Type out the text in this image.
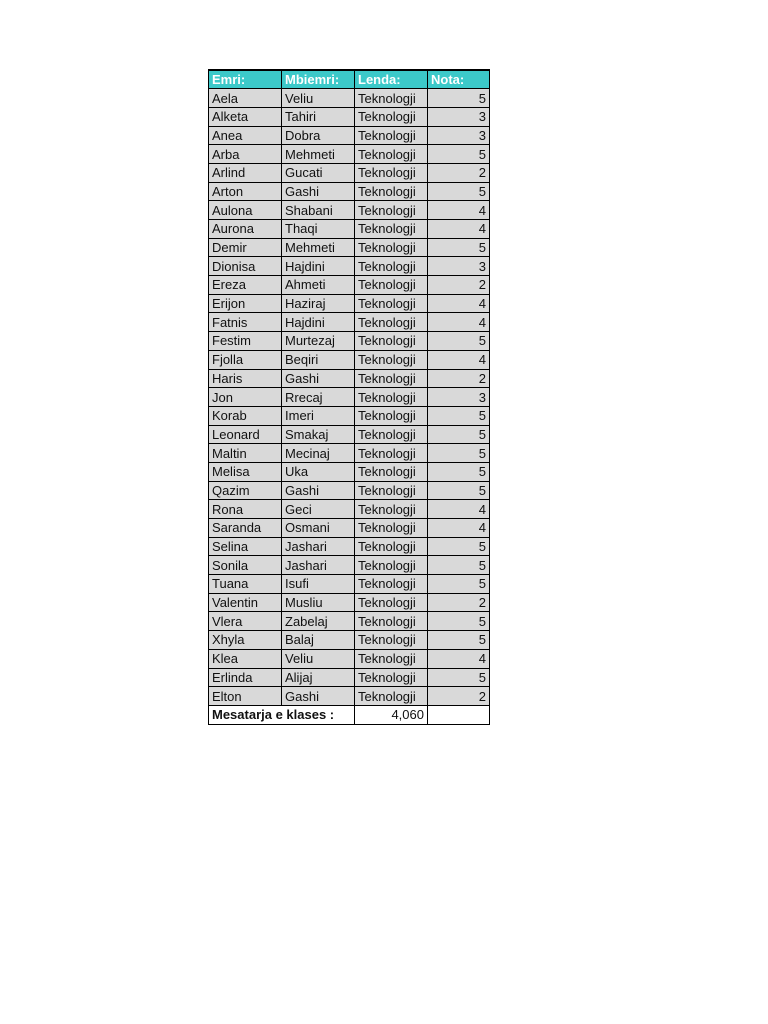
Emri:	Mbiemri:	Lenda:	Nota:
Aela	Veliu	Teknologji	5
Alketa	Tahiri	Teknologji	3
Anea	Dobra	Teknologji	3
Arba	Mehmeti	Teknologji	5
Arlind	Gucati	Teknologji	2
Arton	Gashi	Teknologji	5
Aulona	Shabani	Teknologji	4
Aurona	Thaqi	Teknologji	4
Demir	Mehmeti	Teknologji	5
Dionisa	Hajdini	Teknologji	3
Ereza	Ahmeti	Teknologji	2
Erijon	Haziraj	Teknologji	4
Fatnis	Hajdini	Teknologji	4
Festim	Murtezaj	Teknologji	5
Fjolla	Beqiri	Teknologji	4
Haris	Gashi	Teknologji	2
Jon	Rrecaj	Teknologji	3
Korab	Imeri	Teknologji	5
Leonard	Smakaj	Teknologji	5
Maltin	Mecinaj	Teknologji	5
Melisa	Uka	Teknologji	5
Qazim	Gashi	Teknologji	5
Rona	Geci	Teknologji	4
Saranda	Osmani	Teknologji	4
Selina	Jashari	Teknologji	5
Sonila	Jashari	Teknologji	5
Tuana	Isufi	Teknologji	5
Valentin	Musliu	Teknologji	2
Vlera	Zabelaj	Teknologji	5
Xhyla	Balaj	Teknologji	5
Klea	Veliu	Teknologji	4
Erlinda	Alijaj	Teknologji	5
Elton	Gashi	Teknologji	2
Mesatarja e klases :		4,060	
